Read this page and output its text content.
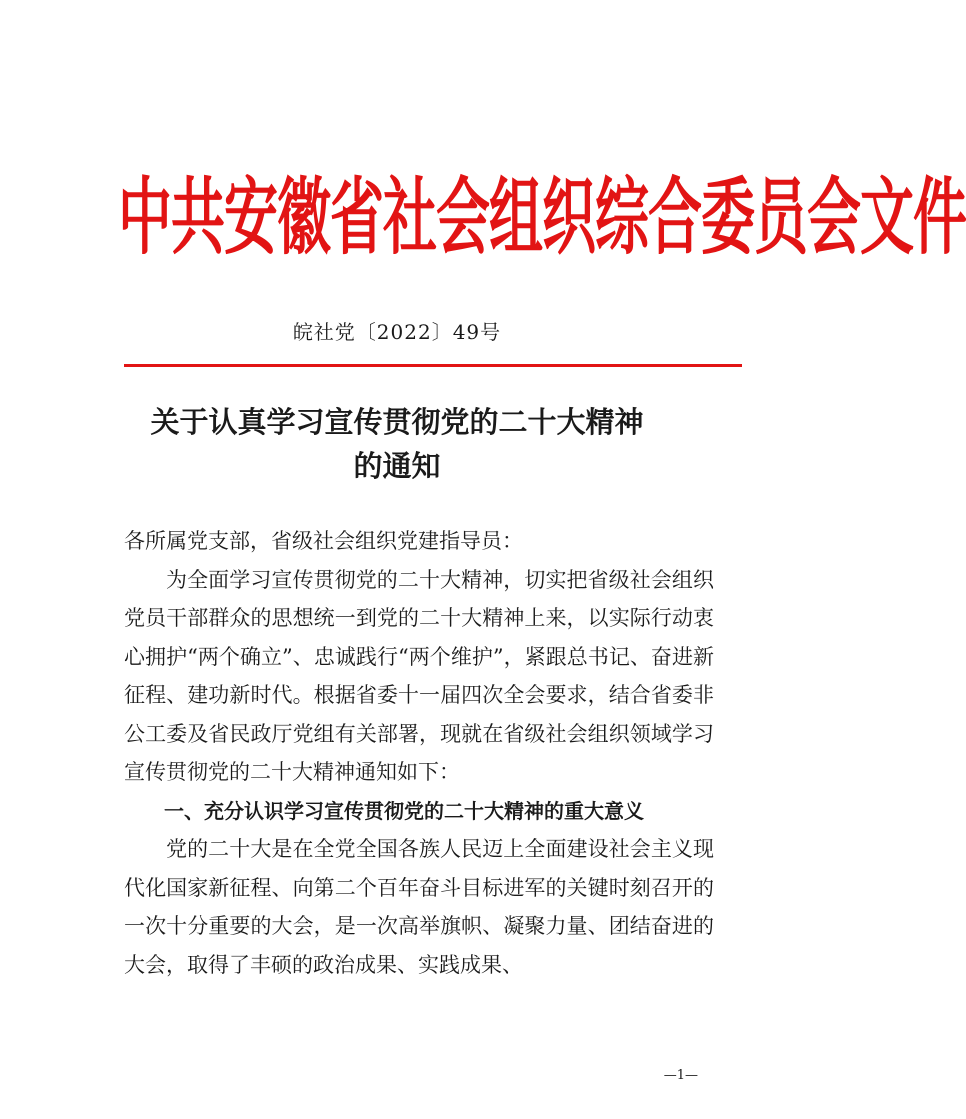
中共安徽省社会组织综合委员会文件
皖社党〔2022〕49号
关于认真学习宣传贯彻党的二十大精神
的通知

各所属党支部，省级社会组织党建指导员：

为全面学习宣传贯彻党的二十大精神，切实把省级社会组织党员干部群众的思想统一到党的二十大精神上来，以实际行动衷心拥护“两个确立”、忠诚践行“两个维护”，紧跟总书记、奋进新征程、建功新时代。根据省委十一届四次全会要求，结合省委非公工委及省民政厅党组有关部署，现就在省级社会组织领域学习宣传贯彻党的二十大精神通知如下：

一、充分认识学习宣传贯彻党的二十大精神的重大意义

党的二十大是在全党全国各族人民迈上全面建设社会主义现代化国家新征程、向第二个百年奋斗目标进军的关键时刻召开的一次十分重要的大会，是一次高举旗帜、凝聚力量、团结奋进的大会，取得了丰硕的政治成果、实践成果、

—1—
